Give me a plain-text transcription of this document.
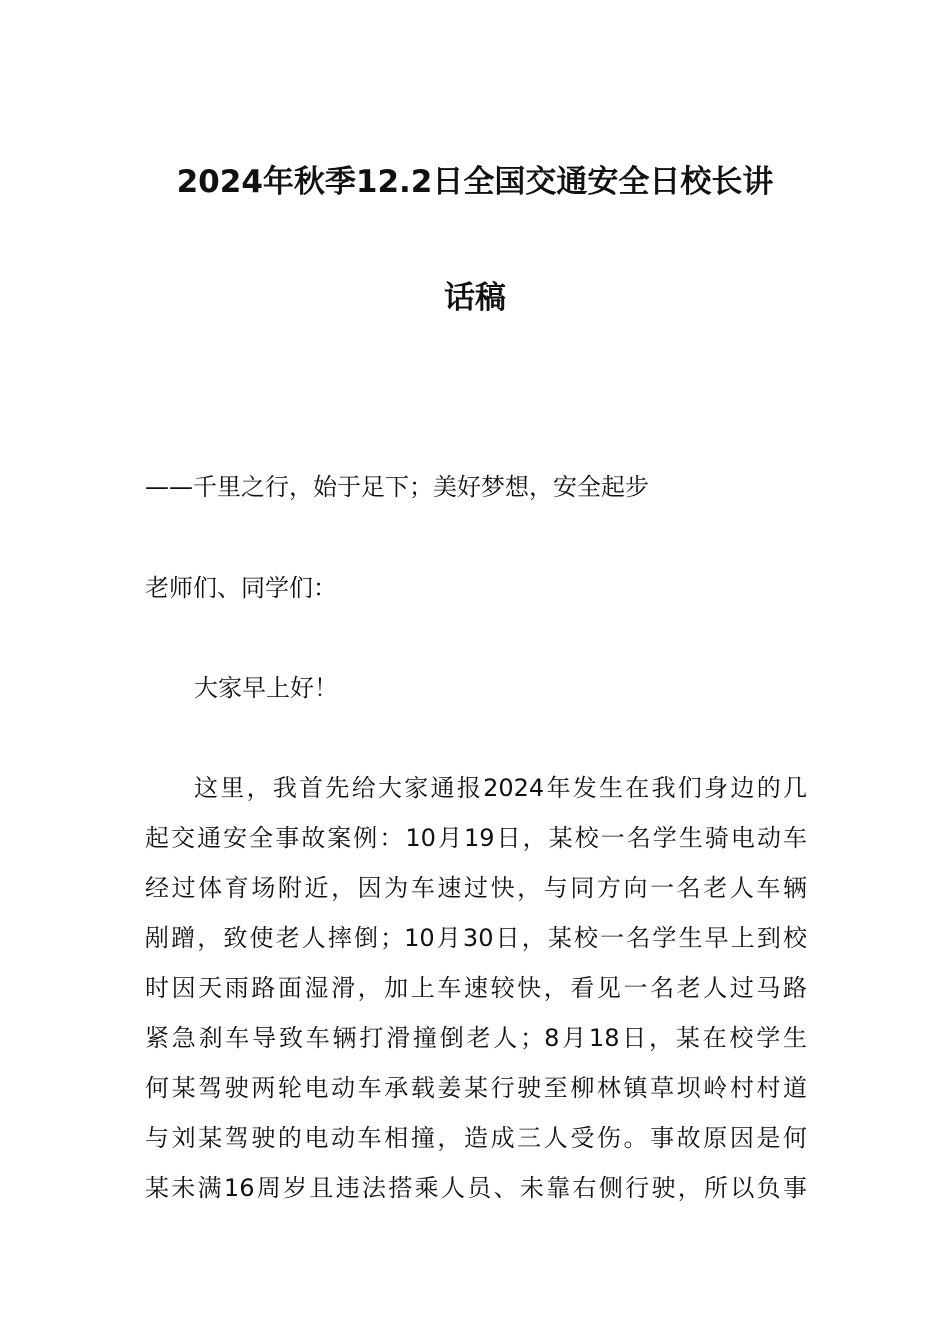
2024年秋季12.2日全国交通安全日校长讲
话稿
——千里之行，始于足下；美好梦想，安全起步
老师们、同学们：
大家早上好！
这里，我首先给大家通报2024年发生在我们身边的几
起交通安全事故案例：10月19日，某校一名学生骑电动车
经过体育场附近，因为车速过快，与同方向一名老人车辆
剐蹭，致使老人摔倒；10月30日，某校一名学生早上到校
时因天雨路面湿滑，加上车速较快，看见一名老人过马路
紧急刹车导致车辆打滑撞倒老人；8月18日，某在校学生
何某驾驶两轮电动车承载姜某行驶至柳林镇草坝岭村村道
与刘某驾驶的电动车相撞，造成三人受伤。事故原因是何
某未满16周岁且违法搭乘人员、未靠右侧行驶，所以负事
